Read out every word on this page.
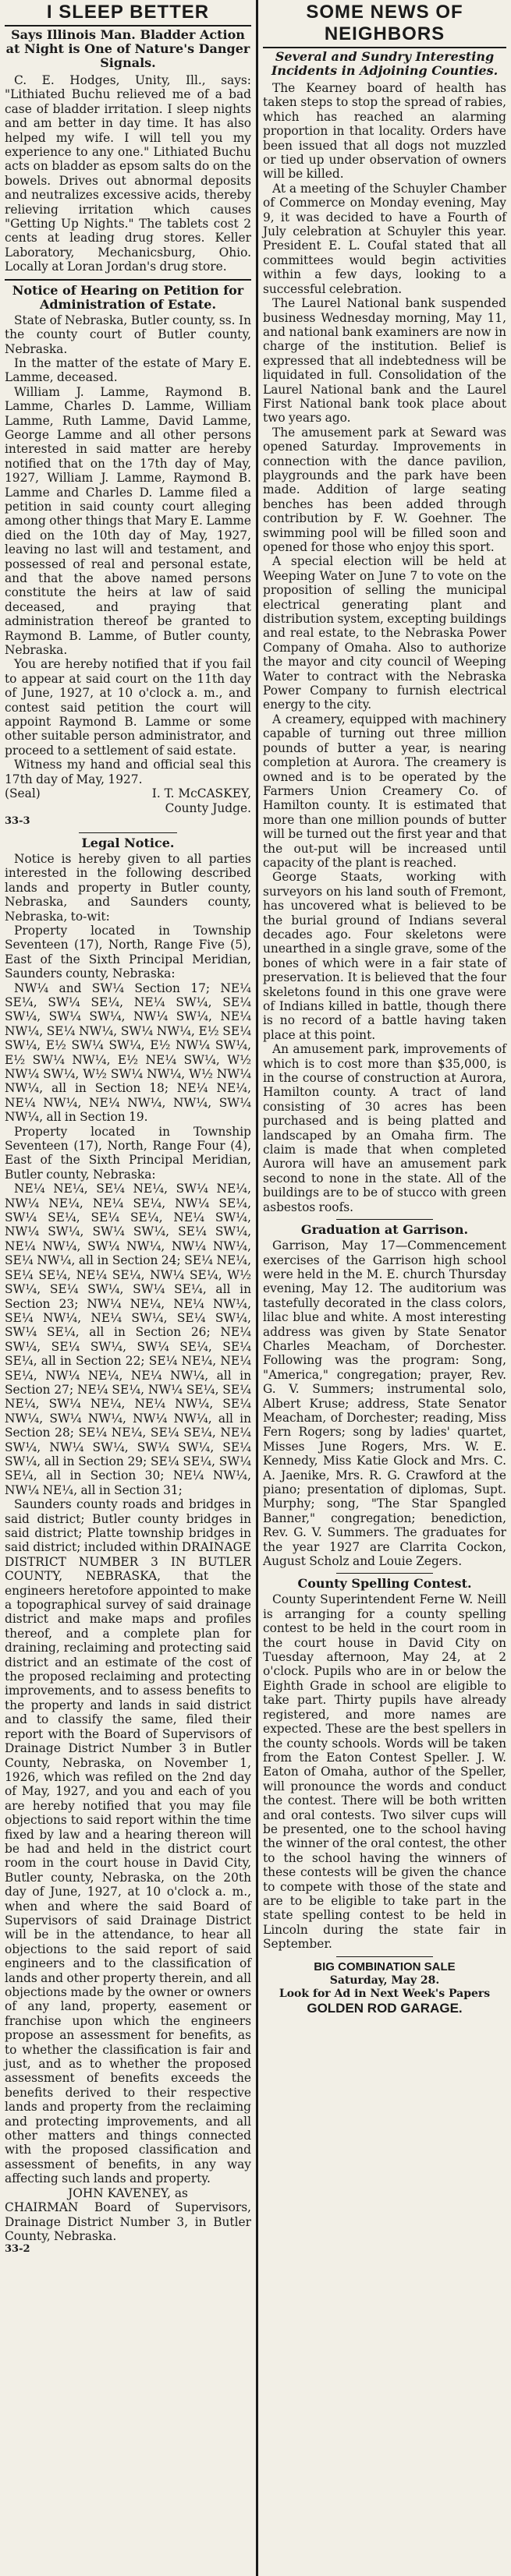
I SLEEP BETTER
Says Illinois Man. Bladder Action at Night is One of Nature's Danger Signals.

C. E. Hodges, Unity, Ill., says: "Lithiated Buchu relieved me of a bad case of bladder irritation. I sleep nights and am better in day time. It has also helped my wife. I will tell you my experience to any one." Lithiated Buchu acts on bladder as epsom salts do on the bowels. Drives out abnormal deposits and neutralizes excessive acids, thereby relieving irritation which causes "Getting Up Nights." The tablets cost 2 cents at leading drug stores. Keller Laboratory, Mechanicsburg, Ohio. Locally at Loran Jordan's drug store.

Notice of Hearing on Petition for Administration of Estate.

State of Nebraska, Butler county, ss. In the county court of Butler county, Nebraska.

In the matter of the estate of Mary E. Lamme, deceased.

William J. Lamme, Raymond B. Lamme, Charles D. Lamme, William Lamme, Ruth Lamme, David Lamme, George Lamme and all other persons interested in said matter are hereby notified that on the 17th day of May, 1927, William J. Lamme, Raymond B. Lamme and Charles D. Lamme filed a petition in said county court alleging among other things that Mary E. Lamme died on the 10th day of May, 1927, leaving no last will and testament, and possessed of real and personal estate, and that the above named persons constitute the heirs at law of said deceased, and praying that administration thereof be granted to Raymond B. Lamme, of Butler county, Nebraska.

You are hereby notified that if you fail to appear at said court on the 11th day of June, 1927, at 10 o'clock a. m., and contest said petition the court will appoint Raymond B. Lamme or some other suitable person administrator, and proceed to a settlement of said estate.

Witness my hand and official seal this 17th day of May, 1927.

(Seal)	I. T. McCASKEY,
County Judge.
33-3
Legal Notice.

Notice is hereby given to all parties interested in the following described lands and property in Butler county, Nebraska, and Saunders county, Nebraska, to-wit:

Property located in Township Seventeen (17), North, Range Five (5), East of the Sixth Principal Meridian, Saunders county, Nebraska:

NW¼ and SW¼ Section 17; NE¼ SE¼, SW¼ SE¼, NE¼ SW¼, SE¼ SW¼, SW¼ SW¼, NW¼ SW¼, NE¼ NW¼, SE¼ NW¼, SW¼ NW¼, E½ SE¼ SW¼, E½ SW¼ SW¼, E½ NW¼ SW¼, E½ SW¼ NW¼, E½ NE¼ SW¼, W½ NW¼ SW¼, W½ SW¼ NW¼, W½ NW¼ NW¼, all in Section 18; NE¼ NE¼, NE¼ NW¼, NE¼ NW¼, NW¼, SW¼ NW¼, all in Section 19.

Property located in Township Seventeen (17), North, Range Four (4), East of the Sixth Principal Meridian, Butler county, Nebraska:

NE¼ NE¼, SE¼ NE¼, SW¼ NE¼, NW¼ NE¼, NE¼ SE¼, NW¼ SE¼, SW¼ SE¼, SE¼ SE¼, NE¼ SW¼, NW¼ SW¼, SW¼ SW¼, SE¼ SW¼, NE¼ NW¼, SW¼ NW¼, NW¼ NW¼, SE¼ NW¼, all in Section 24; SE¼ NE¼, SE¼ SE¼, NE¼ SE¼, NW¼ SE¼, W½ SW¼, SE¼ SW¼, SW¼ SE¼, all in Section 23; NW¼ NE¼, NE¼ NW¼, SE¼ NW¼, NE¼ SW¼, SE¼ SW¼, SW¼ SE¼, all in Section 26; NE¼ SW¼, SE¼ SW¼, SW¼ SE¼, SE¼ SE¼, all in Section 22; SE¼ NE¼, NE¼ SE¼, NW¼ NE¼, NE¼ NW¼, all in Section 27; NE¼ SE¼, NW¼ SE¼, SE¼ NE¼, SW¼ NE¼, NE¼ NW¼, SE¼ NW¼, SW¼ NW¼, NW¼ NW¼, all in Section 28; SE¼ NE¼, SE¼ SE¼, NE¼ SW¼, NW¼ SW¼, SW¼ SW¼, SE¼ SW¼, all in Section 29; SE¼ SE¼, SW¼ SE¼, all in Section 30; NE¼ NW¼, NW¼ NE¼, all in Section 31;

Saunders county roads and bridges in said district; Butler county bridges in said district; Platte township bridges in said district; included within DRAINAGE DISTRICT NUMBER 3 IN BUTLER COUNTY, NEBRASKA, that the engineers heretofore appointed to make a topographical survey of said drainage district and make maps and profiles thereof, and a complete plan for draining, reclaiming and protecting said district and an estimate of the cost of the proposed reclaiming and protecting improvements, and to assess benefits to the property and lands in said district and to classify the same, filed their report with the Board of Supervisors of Drainage District Number 3 in Butler County, Nebraska, on November 1, 1926, which was refiled on the 2nd day of May, 1927, and you and each of you are hereby notified that you may file objections to said report within the time fixed by law and a hearing thereon will be had and held in the district court room in the court house in David City, Butler county, Nebraska, on the 20th day of June, 1927, at 10 o'clock a. m., when and where the said Board of Supervisors of said Drainage District will be in the attendance, to hear all objections to the said report of said engineers and to the classification of lands and other property therein, and all objections made by the owner or owners of any land, property, easement or franchise upon which the engineers propose an assessment for benefits, as to whether the classification is fair and just, and as to whether the proposed assessment of benefits exceeds the benefits derived to their respective lands and property from the reclaiming and protecting improvements, and all other matters and things connected with the proposed classification and assessment of benefits, in any way affecting such lands and property.

JOHN KAVENEY, as

CHAIRMAN Board of Supervisors, Drainage District Number 3, in Butler County, Nebraska.

33-2
SOME NEWS OF NEIGHBORS
Several and Sundry Interesting Incidents in Adjoining Counties.

The Kearney board of health has taken steps to stop the spread of rabies, which has reached an alarming proportion in that locality. Orders have been issued that all dogs not muzzled or tied up under observation of owners will be killed.

At a meeting of the Schuyler Chamber of Commerce on Monday evening, May 9, it was decided to have a Fourth of July celebration at Schuyler this year. President E. L. Coufal stated that all committees would begin activities within a few days, looking to a successful celebration.

The Laurel National bank suspended business Wednesday morning, May 11, and national bank examiners are now in charge of the institution. Belief is expressed that all indebtedness will be liquidated in full. Consolidation of the Laurel National bank and the Laurel First National bank took place about two years ago.

The amusement park at Seward was opened Saturday. Improvements in connection with the dance pavilion, playgrounds and the park have been made. Addition of large seating benches has been added through contribution by F. W. Goehner. The swimming pool will be filled soon and opened for those who enjoy this sport.

A special election will be held at Weeping Water on June 7 to vote on the proposition of selling the municipal electrical generating plant and distribution system, excepting buildings and real estate, to the Nebraska Power Company of Omaha. Also to authorize the mayor and city council of Weeping Water to contract with the Nebraska Power Company to furnish electrical energy to the city.

A creamery, equipped with machinery capable of turning out three million pounds of butter a year, is nearing completion at Aurora. The creamery is owned and is to be operated by the Farmers Union Creamery Co. of Hamilton county. It is estimated that more than one million pounds of butter will be turned out the first year and that the out-put will be increased until capacity of the plant is reached.

George Staats, working with surveyors on his land south of Fremont, has uncovered what is believed to be the burial ground of Indians several decades ago. Four skeletons were unearthed in a single grave, some of the bones of which were in a fair state of preservation. It is believed that the four skeletons found in this one grave were of Indians killed in battle, though there is no record of a battle having taken place at this point.

An amusement park, improvements of which is to cost more than $35,000, is in the course of construction at Aurora, Hamilton county. A tract of land consisting of 30 acres has been purchased and is being platted and landscaped by an Omaha firm. The claim is made that when completed Aurora will have an amusement park second to none in the state. All of the buildings are to be of stucco with green asbestos roofs.

Graduation at Garrison.

Garrison, May 17—Commencement exercises of the Garrison high school were held in the M. E. church Thursday evening, May 12. The auditorium was tastefully decorated in the class colors, lilac blue and white. A most interesting address was given by State Senator Charles Meacham, of Dorchester. Following was the program: Song, "America," congregation; prayer, Rev. G. V. Summers; instrumental solo, Albert Kruse; address, State Senator Meacham, of Dorchester; reading, Miss Fern Rogers; song by ladies' quartet, Misses June Rogers, Mrs. W. E. Kennedy, Miss Katie Glock and Mrs. C. A. Jaenike, Mrs. R. G. Crawford at the piano; presentation of diplomas, Supt. Murphy; song, "The Star Spangled Banner," congregation; benediction, Rev. G. V. Summers. The graduates for the year 1927 are Clarrita Cockon, August Scholz and Louie Zegers.

County Spelling Contest.

County Superintendent Ferne W. Neill is arranging for a county spelling contest to be held in the court room in the court house in David City on Tuesday afternoon, May 24, at 2 o'clock. Pupils who are in or below the Eighth Grade in school are eligible to take part. Thirty pupils have already registered, and more names are expected. These are the best spellers in the county schools. Words will be taken from the Eaton Contest Speller. J. W. Eaton of Omaha, author of the Speller, will pronounce the words and conduct the contest. There will be both written and oral contests. Two silver cups will be presented, one to the school having the winner of the oral contest, the other to the school having the winners of these contests will be given the chance to compete with those of the state and are to be eligible to take part in the state spelling contest to be held in Lincoln during the state fair in September.

BIG COMBINATION SALE
Saturday, May 28.
Look for Ad in Next Week's Papers
GOLDEN ROD GARAGE.
